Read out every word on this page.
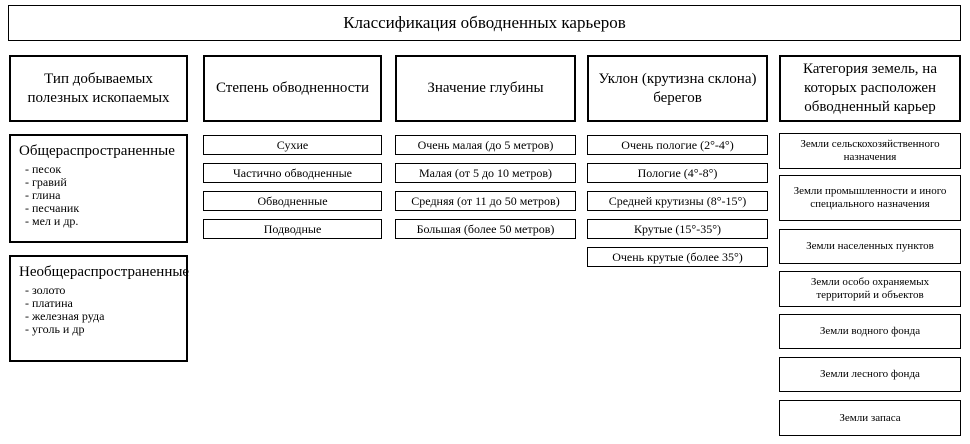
Классификация обводненных карьеров
Тип добываемых полезных ископаемых
Степень обводненности	Значение глубины
Уклон (крутизна склона) берегов
Категория земель, на которых расположен обводненный карьер
Общераспространенные
- песок
- гравий
- глина
- песчаник
- мел и др.
Необщераспространенные
- золото
- платина
- железная руда
- уголь и др
Сухие
Частично обводненные
Обводненные
Подводные
Очень малая (до 5 метров)
Малая (от 5 до 10 метров)
Средняя (от 11 до 50 метров)
Большая (более 50 метров)
Очень пологие (2°-4°)
Пологие (4°-8°)
Средней крутизны (8°-15°)
Крутые (15°-35°)
Очень крутые (более 35°)
Земли сельскохозяйственного назначения
Земли промышленности и иного специального назначения
Земли населенных пунктов
Земли особо охраняемых территорий и объектов
Земли водного фонда
Земли лесного фонда
Земли запаса
